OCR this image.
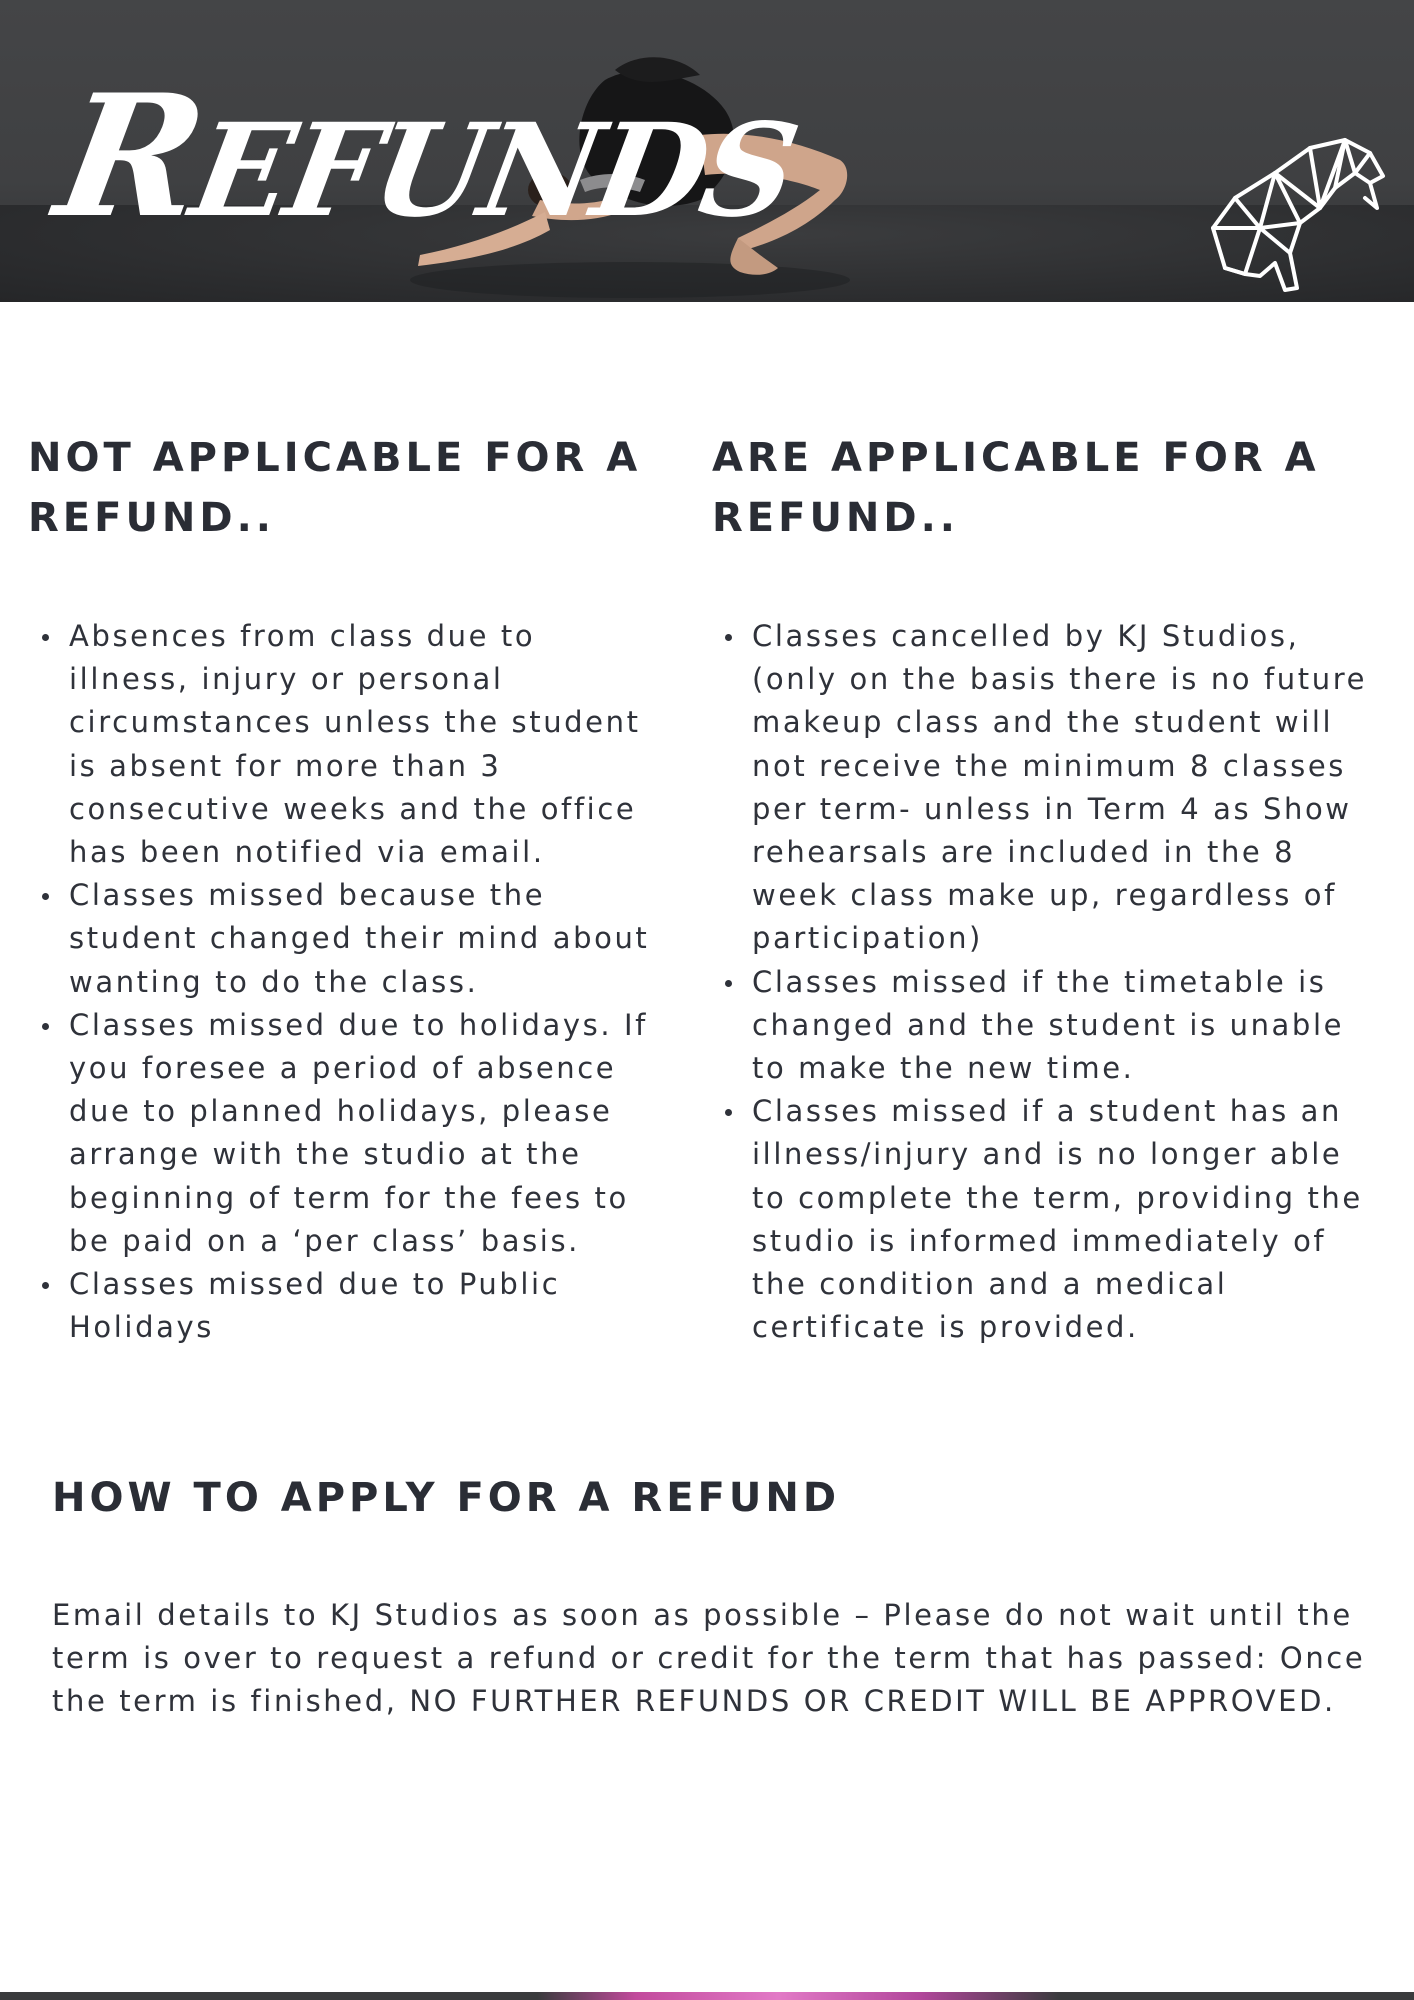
REFUNDS
NOT APPLICABLE FOR A REFUND..
ARE APPLICABLE FOR A REFUND..
Absences from class due to illness, injury or personal circumstances unless the student is absent for more than 3 consecutive weeks and the office has been notified via email.
Classes missed because the student changed their mind about wanting to do the class.
Classes missed due to holidays. If you foresee a period of absence due to planned holidays, please arrange with the studio at the beginning of term for the fees to be paid on a ‘per class’ basis.
Classes missed due to Public Holidays
Classes cancelled by KJ Studios, (only on the basis there is no future makeup class and the student will not receive the minimum 8 classes per term- unless in Term 4 as Show rehearsals are included in the 8 week class make up, regardless of participation)
Classes missed if the timetable is changed and the student is unable to make the new time.
Classes missed if a student has an illness/injury and is no longer able to complete the term, providing the studio is informed immediately of the condition and a medical certificate is provided.
HOW TO APPLY FOR A REFUND

Email details to KJ Studios as soon as possible – Please do not wait until the term is over to request a refund or credit for the term that has passed: Once the term is finished, NO FURTHER REFUNDS OR CREDIT WILL BE APPROVED.
